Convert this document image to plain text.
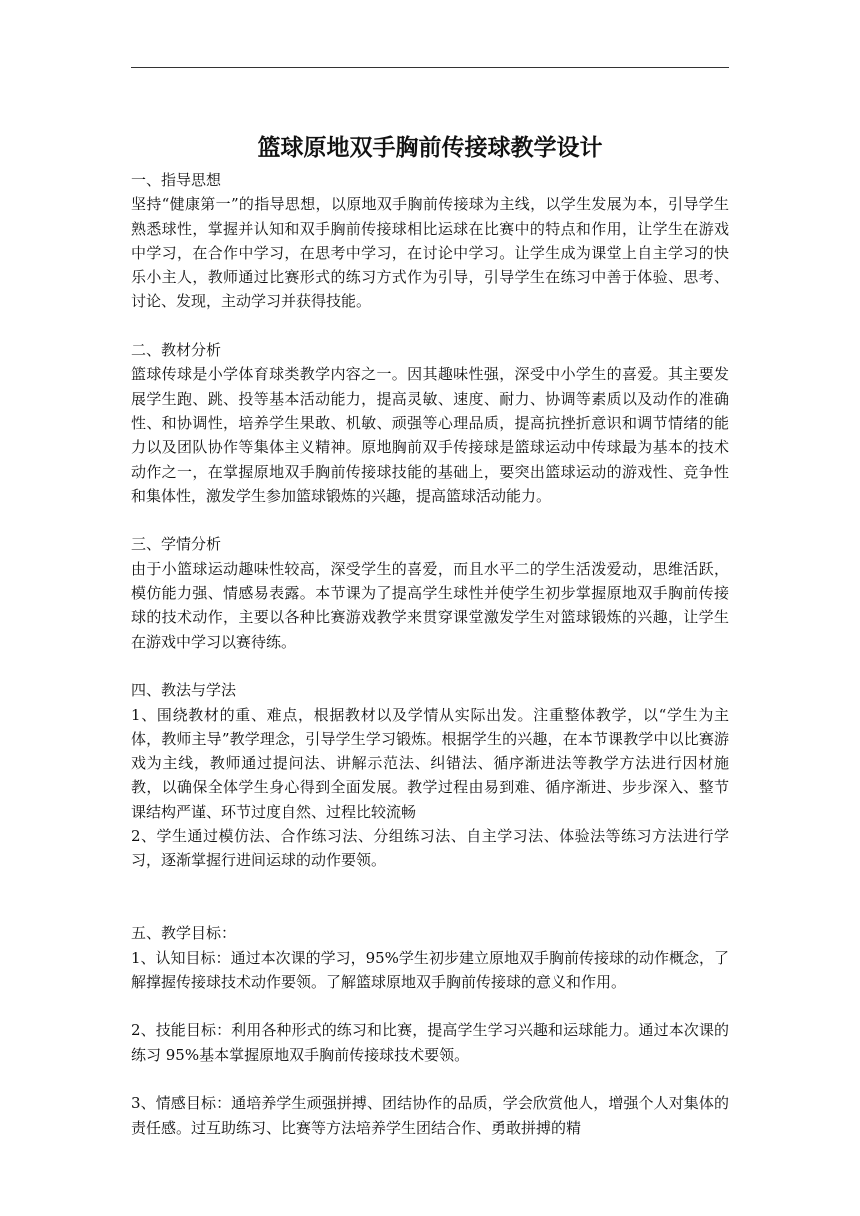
篮球原地双手胸前传接球教学设计

一、指导思想

坚持“健康第一”的指导思想，以原地双手胸前传接球为主线，以学生发展为本，引导学生熟悉球性，掌握并认知和双手胸前传接球相比运球在比赛中的特点和作用，让学生在游戏中学习，在合作中学习，在思考中学习，在讨论中学习。让学生成为课堂上自主学习的快乐小主人，教师通过比赛形式的练习方式作为引导，引导学生在练习中善于体验、思考、讨论、发现，主动学习并获得技能。

二、教材分析

篮球传球是小学体育球类教学内容之一。因其趣味性强，深受中小学生的喜爱。其主要发展学生跑、跳、投等基本活动能力，提高灵敏、速度、耐力、协调等素质以及动作的准确性、和协调性，培养学生果敢、机敏、顽强等心理品质，提高抗挫折意识和调节情绪的能力以及团队协作等集体主义精神。原地胸前双手传接球是篮球运动中传球最为基本的技术动作之一，在掌握原地双手胸前传接球技能的基础上，要突出篮球运动的游戏性、竞争性和集体性，激发学生参加篮球锻炼的兴趣，提高篮球活动能力。

三、学情分析

由于小篮球运动趣味性较高，深受学生的喜爱，而且水平二的学生活泼爱动，思维活跃，模仿能力强、情感易表露。本节课为了提高学生球性并使学生初步掌握原地双手胸前传接球的技术动作，主要以各种比赛游戏教学来贯穿课堂激发学生对篮球锻炼的兴趣，让学生在游戏中学习以赛待练。

四、教法与学法

1、围绕教材的重、难点，根据教材以及学情从实际出发。注重整体教学，以“学生为主体，教师主导”教学理念，引导学生学习锻炼。根据学生的兴趣，在本节课教学中以比赛游戏为主线，教师通过提问法、讲解示范法、纠错法、循序渐进法等教学方法进行因材施教，以确保全体学生身心得到全面发展。教学过程由易到难、循序渐进、步步深入、整节课结构严谨、环节过度自然、过程比较流畅

2、学生通过模仿法、合作练习法、分组练习法、自主学习法、体验法等练习方法进行学习，逐渐掌握行进间运球的动作要领。

五、教学目标：

1、认知目标：通过本次课的学习，95%学生初步建立原地双手胸前传接球的动作概念，了解撑握传接球技术动作要领。了解篮球原地双手胸前传接球的意义和作用。

2、技能目标：利用各种形式的练习和比赛，提高学生学习兴趣和运球能力。通过本次课的练习 95%基本掌握原地双手胸前传接球技术要领。

3、情感目标：通培养学生顽强拼搏、团结协作的品质，学会欣赏他人，增强个人对集体的责任感。过互助练习、比赛等方法培养学生团结合作、勇敢拼搏的精
